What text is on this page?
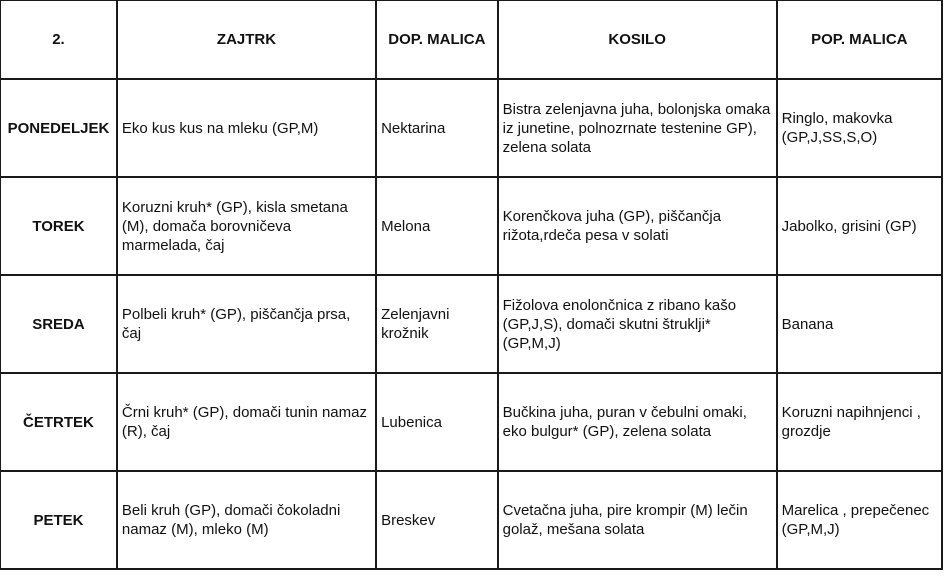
2.	ZAJTRK	DOP. MALICA	KOSILO	POP. MALICA
PONEDELJEK	Eko kus kus na mleku (GP,M)	Nektarina	Bistra zelenjavna juha, bolonjska omaka iz junetine, polnozrnate testenine GP), zelena solata	Ringlo, makovka (GP,J,SS,S,O)
TOREK	Koruzni kruh* (GP), kisla smetana (M), domača borovničeva marmelada, čaj	Melona	Korenčkova juha (GP), piščančja rižota,rdeča pesa v solati	Jabolko, grisini (GP)
SREDA	Polbeli kruh* (GP), piščančja prsa, čaj	Zelenjavni krožnik	Fižolova enolončnica z ribano kašo (GP,J,S), domači skutni štruklji* (GP,M,J)	Banana
ČETRTEK	Črni kruh* (GP), domači tunin namaz (R), čaj	Lubenica	Bučkina juha, puran v čebulni omaki, eko bulgur* (GP), zelena solata	Koruzni napihnjenci , grozdje
PETEK	Beli kruh (GP), domači čokoladni namaz (M), mleko (M)	Breskev	Cvetačna juha, pire krompir (M) lečin golaž, mešana solata	Marelica , prepečenec (GP,M,J)
